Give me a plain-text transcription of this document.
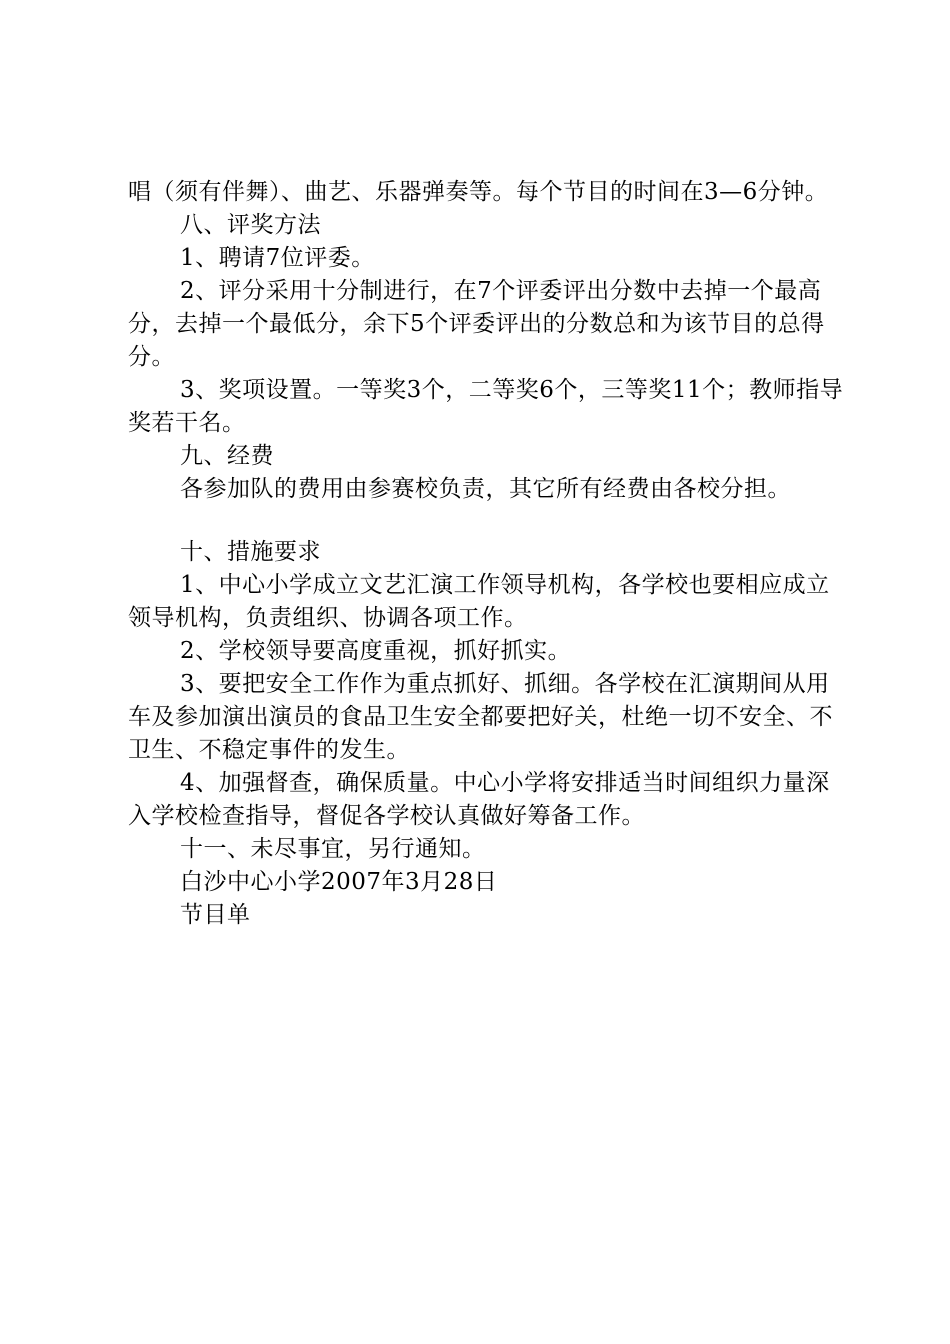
唱（须有伴舞）、曲艺、乐器弹奏等。每个节目的时间在3—6分钟。

八、评奖方法

1、聘请7位评委。

2、评分采用十分制进行，在7个评委评出分数中去掉一个最高分，去掉一个最低分，余下5个评委评出的分数总和为该节目的总得分。

3、奖项设置。一等奖3个，二等奖6个，三等奖11个；教师指导奖若干名。

九、经费

各参加队的费用由参赛校负责，其它所有经费由各校分担。

十、措施要求

1、中心小学成立文艺汇演工作领导机构，各学校也要相应成立领导机构，负责组织、协调各项工作。

2、学校领导要高度重视，抓好抓实。

3、要把安全工作作为重点抓好、抓细。各学校在汇演期间从用车及参加演出演员的食品卫生安全都要把好关，杜绝一切不安全、不卫生、不稳定事件的发生。

4、加强督查，确保质量。中心小学将安排适当时间组织力量深入学校检查指导，督促各学校认真做好筹备工作。

十一、未尽事宜，另行通知。

白沙中心小学2007年3月28日

节目单
